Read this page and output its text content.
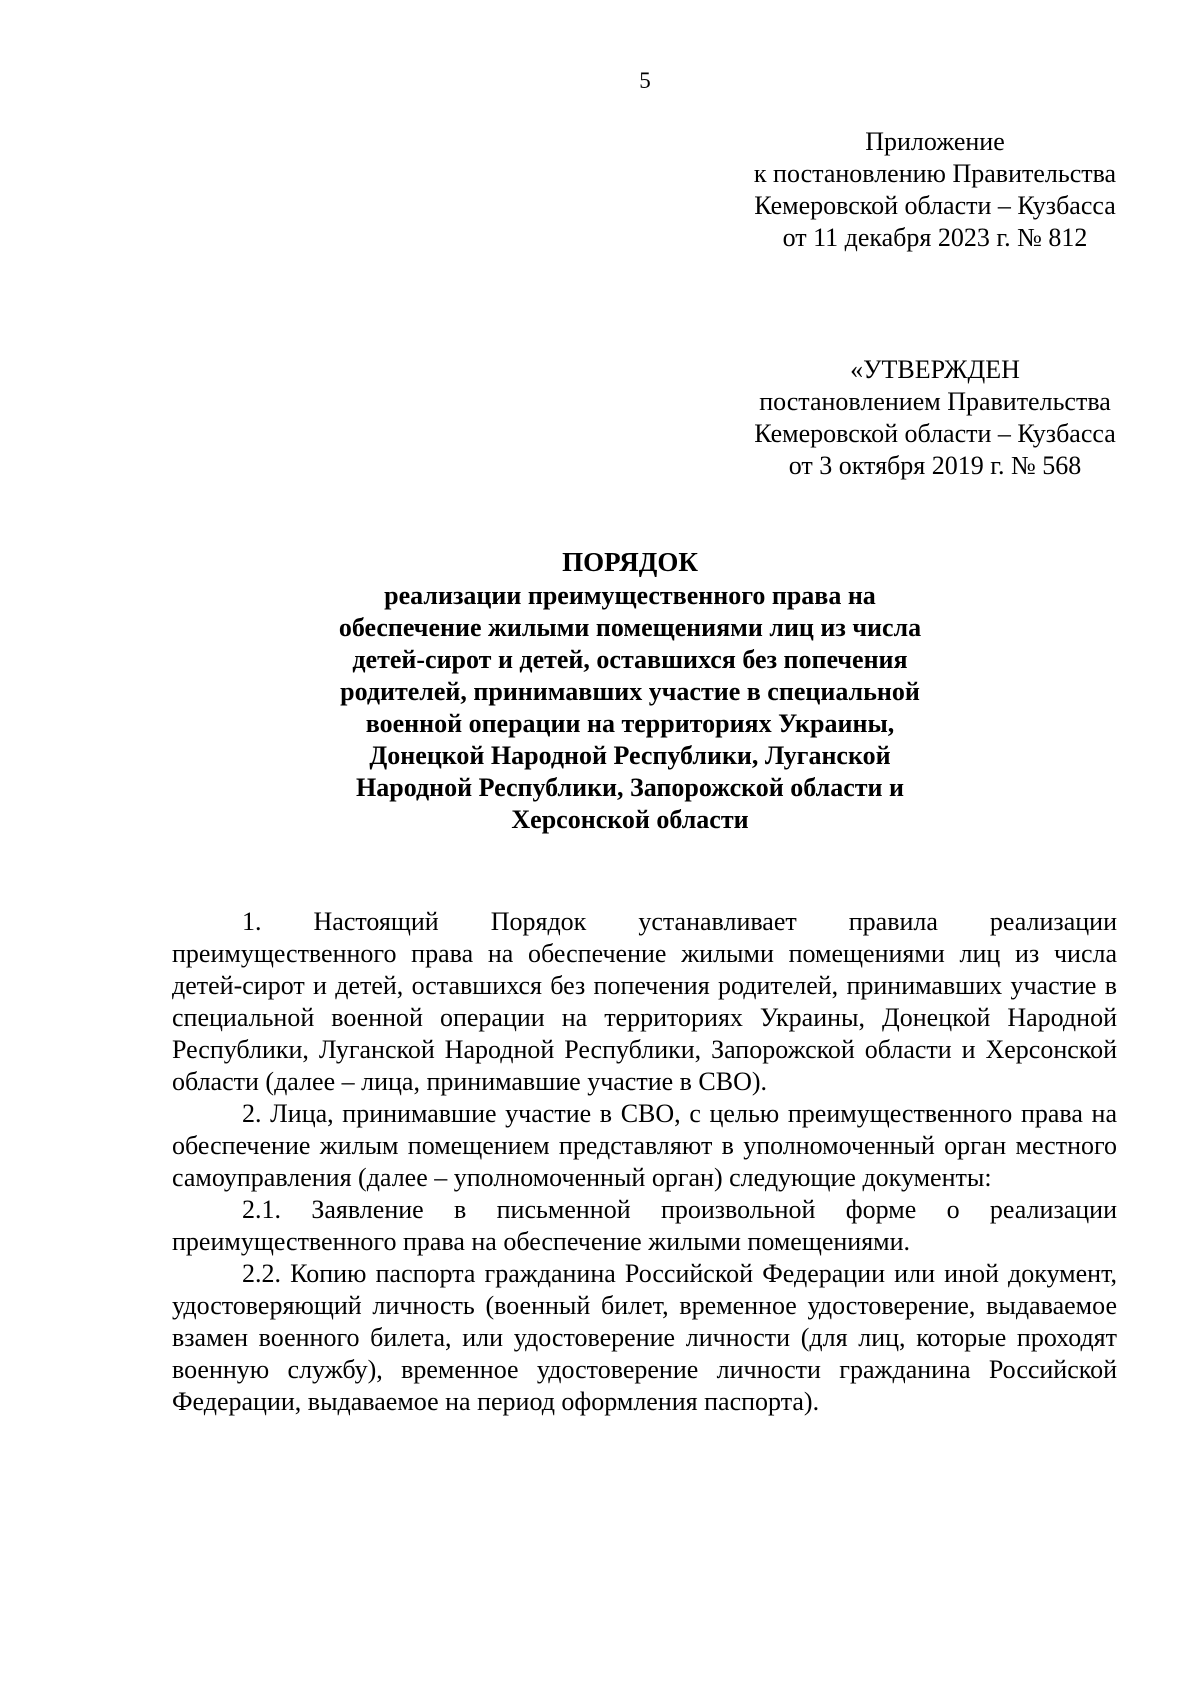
5
Приложение
к постановлению Правительства
Кемеровской области – Кузбасса
от 11 декабря 2023 г. № 812
«УТВЕРЖДЕН
постановлением Правительства
Кемеровской области – Кузбасса
от 3 октября 2019 г. № 568
ПОРЯДОК
реализации преимущественного права на
обеспечение жилыми помещениями лиц из числа
детей-сирот и детей, оставшихся без попечения
родителей, принимавших участие в специальной
военной операции на территориях Украины,
Донецкой Народной Республики, Луганской
Народной Республики, Запорожской области и
Херсонской области

1. Настоящий Порядок устанавливает правила реализации преимущественного права на обеспечение жилыми помещениями лиц из числа детей-сирот и детей, оставшихся без попечения родителей, принимавших участие в специальной военной операции на территориях Украины, Донецкой Народной Республики, Луганской Народной Республики, Запорожской области и Херсонской области (далее – лица, принимавшие участие в СВО).

2. Лица, принимавшие участие в СВО, с целью преимущественного права на обеспечение жилым помещением представляют в уполномоченный орган местного самоуправления (далее – уполномоченный орган) следующие документы:

2.1. Заявление в письменной произвольной форме о реализации преимущественного права на обеспечение жилыми помещениями.

2.2. Копию паспорта гражданина Российской Федерации или иной документ, удостоверяющий личность (военный билет, временное удостоверение, выдаваемое взамен военного билета, или удостоверение личности (для лиц, которые проходят военную службу), временное удостоверение личности гражданина Российской Федерации, выдаваемое на период оформления паспорта).
